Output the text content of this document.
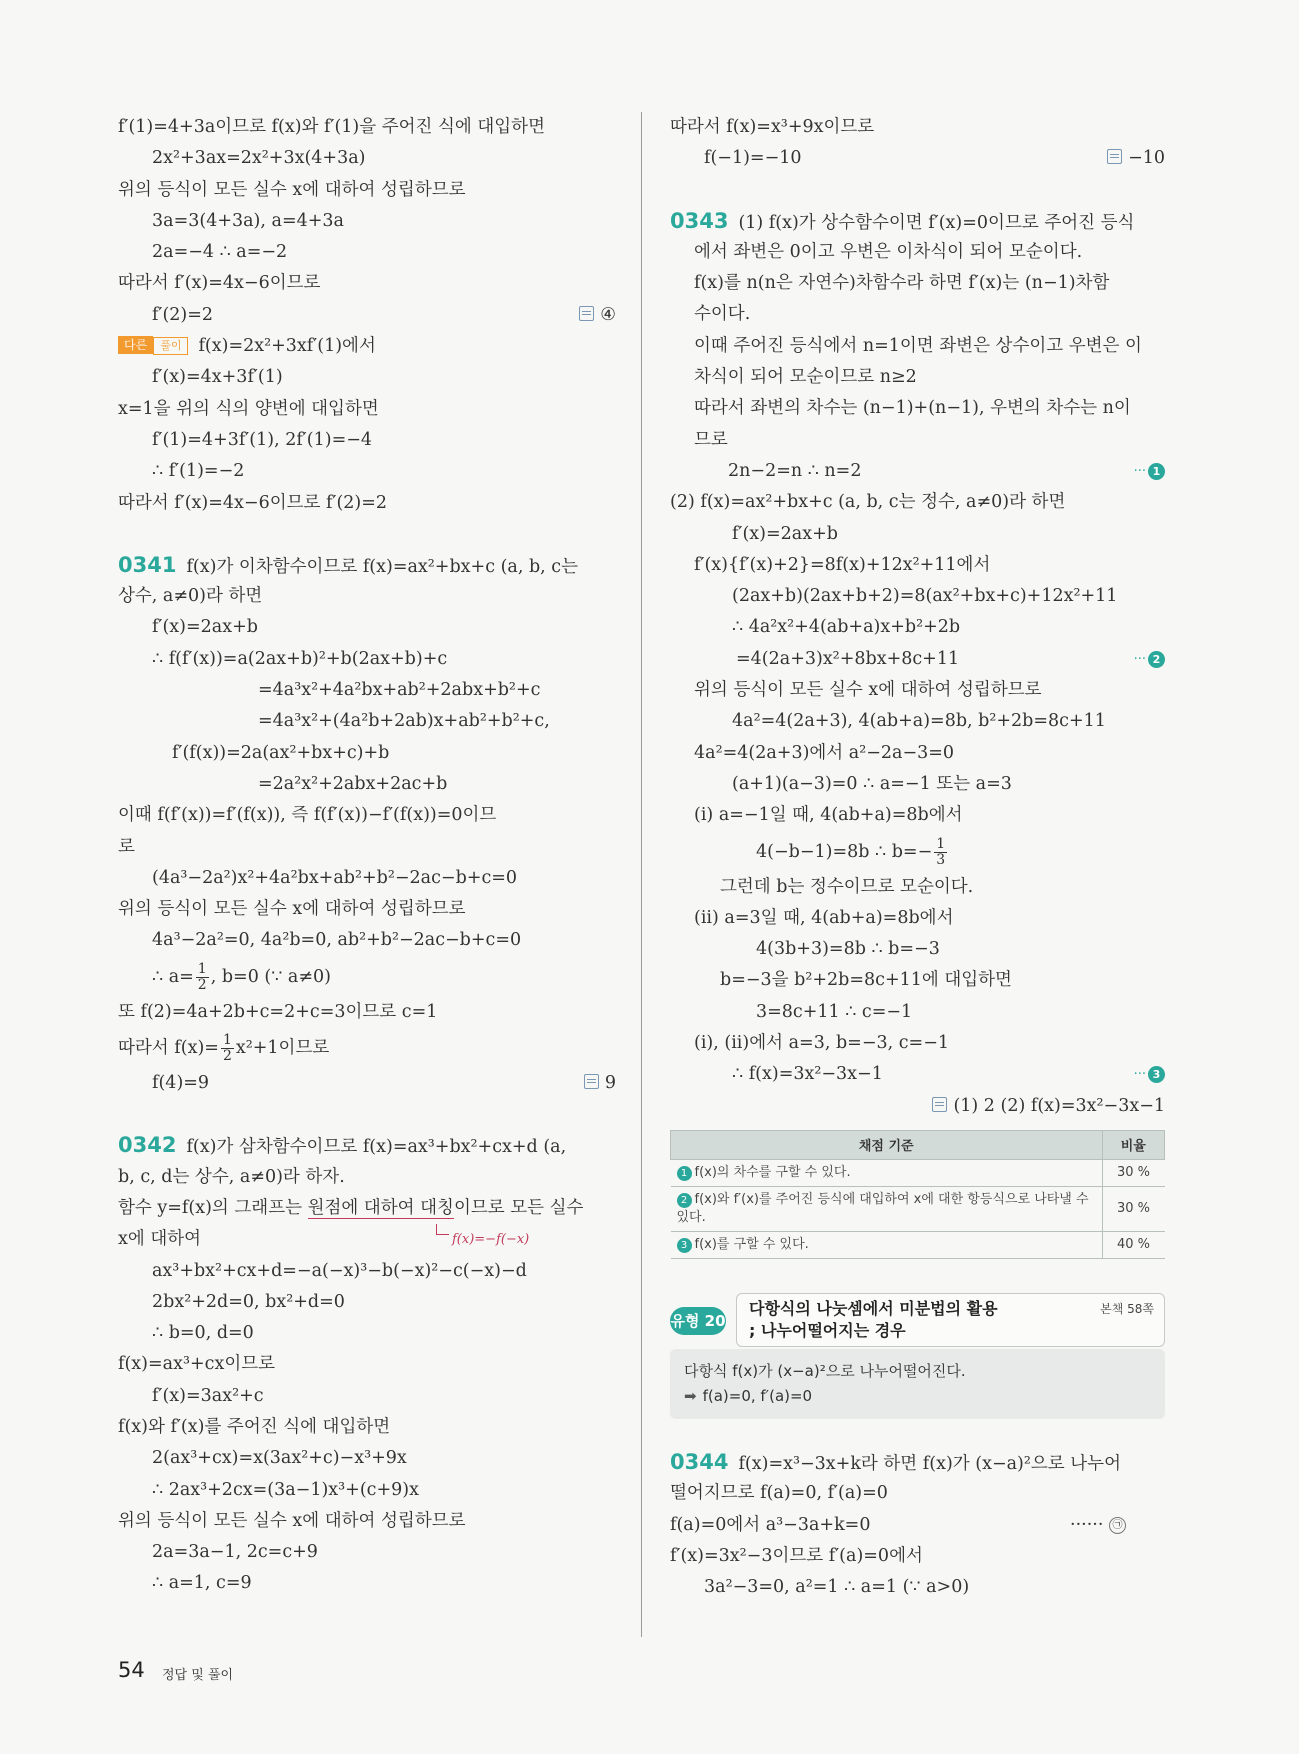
f′(1)=4+3a이므로 f(x)와 f′(1)을 주어진 식에 대입하면
2x²+3ax=2x²+3x(4+3a)
위의 등식이 모든 실수 x에 대하여 성립하므로
3a=3(4+3a), a=4+3a
2a=−4 ∴ a=−2
따라서 f′(x)=4x−6이므로
f′(2)=2	④
다른 풀이 f(x)=2x²+3xf′(1)에서
f′(x)=4x+3f′(1)
x=1을 위의 식의 양변에 대입하면
f′(1)=4+3f′(1), 2f′(1)=−4
∴ f′(1)=−2
따라서 f′(x)=4x−6이므로 f′(2)=2
0341 f(x)가 이차함수이므로 f(x)=ax²+bx+c (a, b, c는
상수, a≠0)라 하면
f′(x)=2ax+b
∴ f(f′(x))=a(2ax+b)²+b(2ax+b)+c
=4a³x²+4a²bx+ab²+2abx+b²+c
=4a³x²+(4a²b+2ab)x+ab²+b²+c,
f′(f(x))=2a(ax²+bx+c)+b
=2a²x²+2abx+2ac+b
이때 f(f′(x))=f′(f(x)), 즉 f(f′(x))−f′(f(x))=0이므
로
(4a³−2a²)x²+4a²bx+ab²+b²−2ac−b+c=0
위의 등식이 모든 실수 x에 대하여 성립하므로
4a³−2a²=0, 4a²b=0, ab²+b²−2ac−b+c=0
∴ $a= \frac{1}{2}$ , b=0 (∵ a≠0)
또 f(2)=4a+2b+c=2+c=3이므로 c=1
따라서 $f(x)= \frac{1}{2} x^2+1$이므로
f(4)=9	9
0342 f(x)가 삼차함수이므로 f(x)=ax³+bx²+cx+d (a,
b, c, d는 상수, a≠0)라 하자.
함수 y=f(x)의 그래프는 원점에 대하여 대칭이므로 모든 실수
f(x)=−f(−x)
x에 대하여
ax³+bx²+cx+d=−a(−x)³−b(−x)²−c(−x)−d
2bx²+2d=0, bx²+d=0
∴ b=0, d=0
f(x)=ax³+cx이므로
f′(x)=3ax²+c
f(x)와 f′(x)를 주어진 식에 대입하면
2(ax³+cx)=x(3ax²+c)−x³+9x
∴ 2ax³+2cx=(3a−1)x³+(c+9)x
위의 등식이 모든 실수 x에 대하여 성립하므로
2a=3a−1, 2c=c+9
∴ a=1, c=9
따라서 f(x)=x³+9x이므로
f(−1)=−10	−10
0343 (1) f(x)가 상수함수이면 f′(x)=0이므로 주어진 등식
에서 좌변은 0이고 우변은 이차식이 되어 모순이다.
f(x)를 n(n은 자연수)차함수라 하면 f′(x)는 (n−1)차함
수이다.
이때 주어진 등식에서 n=1이면 좌변은 상수이고 우변은 이
차식이 되어 모순이므로 n≥2
따라서 좌변의 차수는 (n−1)+(n−1), 우변의 차수는 n이
므로
2n−2=n ∴ n=2	··· 1
(2) f(x)=ax²+bx+c (a, b, c는 정수, a≠0)라 하면
f′(x)=2ax+b
f′(x){f′(x)+2}=8f(x)+12x²+11에서
(2ax+b)(2ax+b+2)=8(ax²+bx+c)+12x²+11
∴ 4a²x²+4(ab+a)x+b²+2b
=4(2a+3)x²+8bx+8c+11	··· 2
위의 등식이 모든 실수 x에 대하여 성립하므로
4a²=4(2a+3), 4(ab+a)=8b, b²+2b=8c+11
4a²=4(2a+3)에서 a²−2a−3=0
(a+1)(a−3)=0 ∴ a=−1 또는 a=3
(i) a=−1일 때, 4(ab+a)=8b에서
4(−b−1)=8b ∴ $b=- \frac{1}{3}$
그런데 b는 정수이므로 모순이다.
(ii) a=3일 때, 4(ab+a)=8b에서
4(3b+3)=8b ∴ b=−3
b=−3을 b²+2b=8c+11에 대입하면
3=8c+11 ∴ c=−1
(i), (ii)에서 a=3, b=−3, c=−1
∴ f(x)=3x²−3x−1	··· 3
(1) 2 (2) f(x)=3x²−3x−1
채점 기준	비율
1 f(x)의 차수를 구할 수 있다.	30 %
2 f(x)와 f′(x)를 주어진 등식에 대입하여 x에 대한 항등식으로 나타낼 수 있다.	30 %
3 f(x)를 구할 수 있다.	40 %
유형 20
다항식의 나눗셈에서 미분법의 활용
; 나누어떨어지는 경우
본책 58쪽
다항식 f(x)가 (x−a)²으로 나누어떨어진다.
➡ f(a)=0, f′(a)=0
0344 f(x)=x³−3x+k라 하면 f(x)가 (x−a)²으로 나누어
떨어지므로 f(a)=0, f′(a)=0
f(a)=0에서 a³−3a+k=0	······ ㉠
f′(x)=3x²−3이므로 f′(a)=0에서
3a²−3=0, a²=1 ∴ a=1 (∵ a>0)
54 정답 및 풀이
